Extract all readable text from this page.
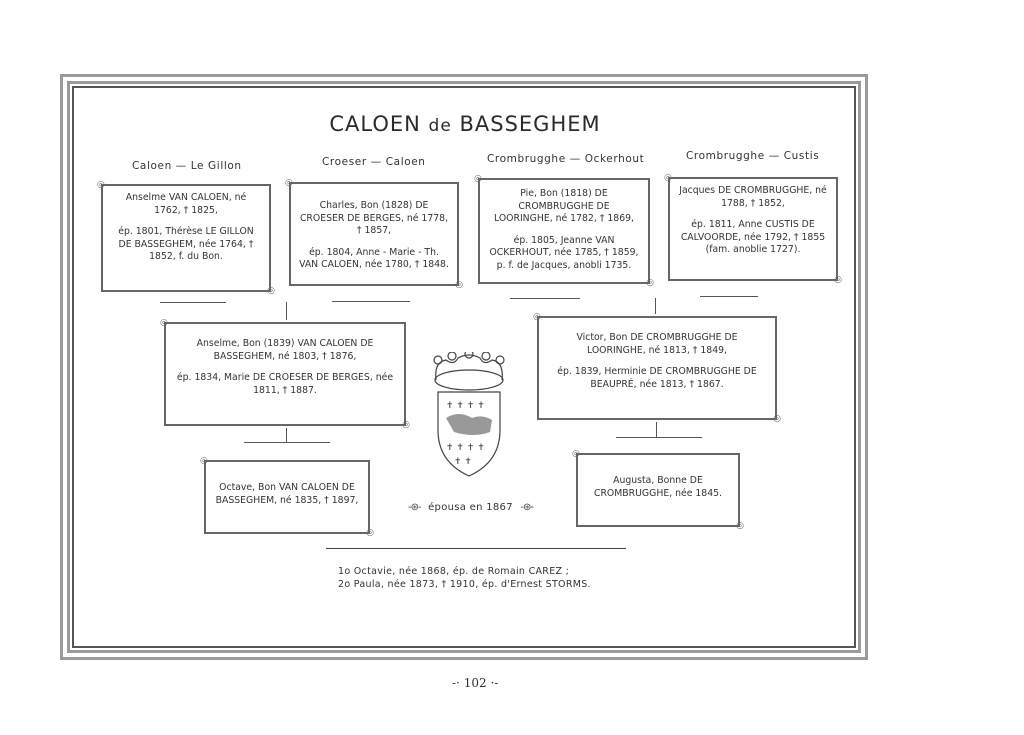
CALOEN de BASSEGHEM
Caloen — Le Gillon	Croeser — Caloen	Crombrugghe — Ockerhout	Crombrugghe — Custis

◎ Anselme VAN CALOEN, né 1762, † 1825,

ép. 1801, Thérèse LE GILLON DE BASSEGHEM, née 1764, † 1852, f. du Bon.

◎

◎ Charles, Bon (1828) DE CROESER DE BERGES, né 1778, † 1857,

ép. 1804, Anne - Marie - Th. VAN CALOEN, née 1780, † 1848.

◎

◎ Pie, Bon (1818) DE CROMBRUGGHE DE LOORINGHE, né 1782, † 1869,

ép. 1805, Jeanne VAN OCKERHOUT, née 1785, † 1859, p. f. de Jacques, anobli 1735.

◎

◎ Jacques DE CROMBRUGGHE, né 1788, † 1852,

ép. 1811, Anne CUSTIS DE CALVOORDE, née 1792, † 1855 (fam. anoblie 1727).

◎

◎ Anselme, Bon (1839) VAN CALOEN DE BASSEGHEM, né 1803, † 1876,

ép. 1834, Marie DE CROESER DE BERGES, née 1811, † 1887.

◎

◎ Victor, Bon DE CROMBRUGGHE DE LOORINGHE, né 1813, † 1849,

ép. 1839, Herminie DE CROMBRUGGHE DE BEAUPRÉ, née 1813, † 1867.

◎
✝ ✝ ✝ ✝
✝ ✝ ✝ ✝
✝ ✝

◎ Octave, Bon VAN CALOEN DE BASSEGHEM, né 1835, † 1897,

◎

◎ Augusta, Bonne DE CROMBRUGGHE, née 1845.

◎
-⊛- épousa en 1867 -⊛-
1o Octavie, née 1868, ép. de Romain CAREZ ;
2o Paula, née 1873, † 1910, ép. d'Ernest STORMS.
-· 102 ·-
